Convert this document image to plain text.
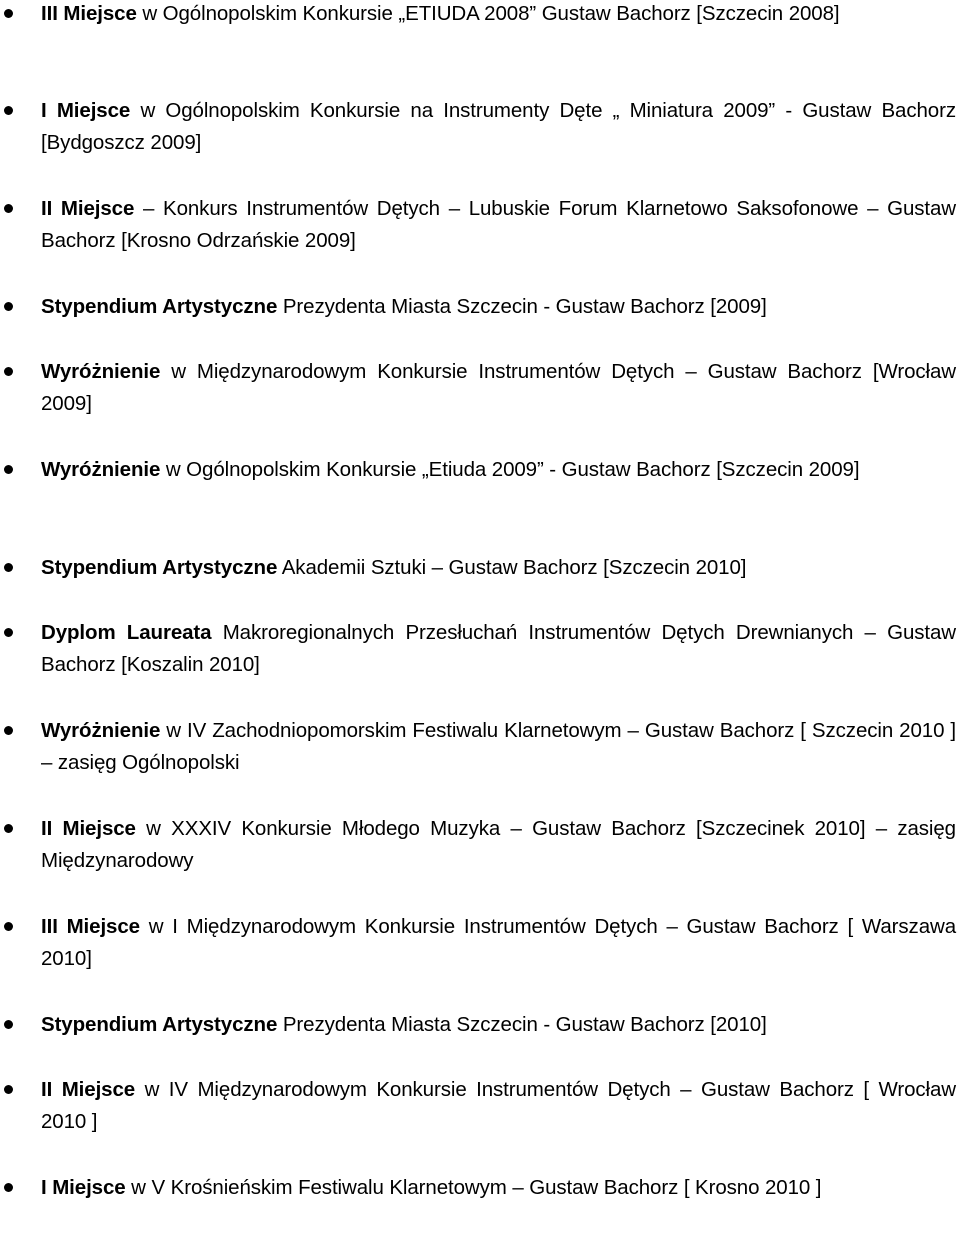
III Miejsce w Ogólnopolskim Konkursie „ETIUDA 2008” Gustaw Bachorz [Szczecin 2008]

I Miejsce w Ogólnopolskim Konkursie na Instrumenty Dęte „ Miniatura 2009” - Gustaw Bachorz [Bydgoszcz 2009]

II Miejsce – Konkurs Instrumentów Dętych – Lubuskie Forum Klarnetowo Saksofonowe – Gustaw Bachorz [Krosno Odrzańskie 2009]

Stypendium Artystyczne Prezydenta Miasta Szczecin - Gustaw Bachorz [2009]

Wyróżnienie w Międzynarodowym Konkursie Instrumentów Dętych – Gustaw Bachorz [Wrocław 2009]

Wyróżnienie w Ogólnopolskim Konkursie „Etiuda 2009” - Gustaw Bachorz [Szczecin 2009]

Stypendium Artystyczne Akademii Sztuki – Gustaw Bachorz [Szczecin 2010]

Dyplom Laureata Makroregionalnych Przesłuchań Instrumentów Dętych Drewnianych – Gustaw Bachorz [Koszalin 2010]

Wyróżnienie w IV Zachodniopomorskim Festiwalu Klarnetowym – Gustaw Bachorz [ Szczecin 2010 ] – zasięg Ogólnopolski

II Miejsce w XXXIV Konkursie Młodego Muzyka – Gustaw Bachorz [Szczecinek 2010] – zasięg Międzynarodowy

III Miejsce w I Międzynarodowym Konkursie Instrumentów Dętych – Gustaw Bachorz [ Warszawa 2010]

Stypendium Artystyczne Prezydenta Miasta Szczecin - Gustaw Bachorz [2010]

II Miejsce w IV Międzynarodowym Konkursie Instrumentów Dętych – Gustaw Bachorz [ Wrocław 2010 ]

I Miejsce w V Krośnieńskim Festiwalu Klarnetowym – Gustaw Bachorz [ Krosno 2010 ]
